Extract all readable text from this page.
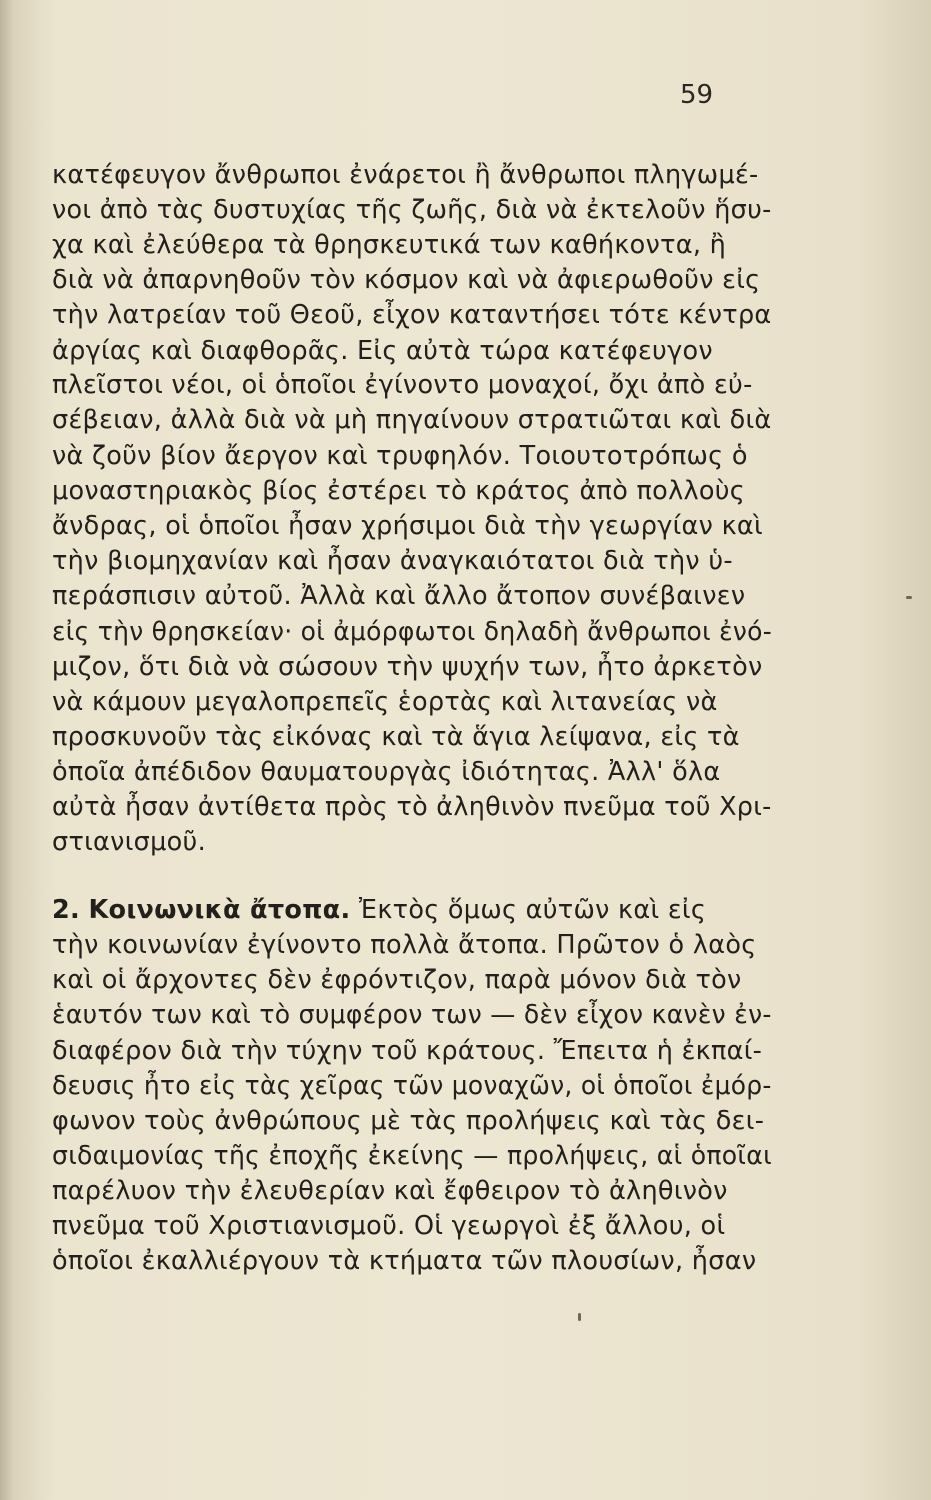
59
κατέφευγον ἄνθρωποι ἐνάρετοι ἢ ἄνθρωποι πληγωμέ-
νοι ἀπὸ τὰς δυστυχίας τῆς ζωῆς, διὰ νὰ ἐκτελοῦν ἥσυ-
χα καὶ ἐλεύθερα τὰ θρησκευτικά των καθήκοντα, ἢ
διὰ νὰ ἀπαρνηθοῦν τὸν κόσμον καὶ νὰ ἀφιερωθοῦν εἰς
τὴν λατρείαν τοῦ Θεοῦ, εἶχον καταντήσει τότε κέντρα
ἀργίας καὶ διαφθορᾶς. Εἰς αὐτὰ τώρα κατέφευγον
πλεῖστοι νέοι, οἱ ὁποῖοι ἐγίνοντο μοναχοί, ὄχι ἀπὸ εὐ-
σέβειαν, ἀλλὰ διὰ νὰ μὴ πηγαίνουν στρατιῶται καὶ διὰ
νὰ ζοῦν βίον ἄεργον καὶ τρυφηλόν. Τοιουτοτρόπως ὁ
μοναστηριακὸς βίος ἐστέρει τὸ κράτος ἀπὸ πολλοὺς
ἄνδρας, οἱ ὁποῖοι ἦσαν χρήσιμοι διὰ τὴν γεωργίαν καὶ
τὴν βιομηχανίαν καὶ ἦσαν ἀναγκαιότατοι διὰ τὴν ὑ-
περάσπισιν αὐτοῦ. Ἀλλὰ καὶ ἄλλο ἄτοπον συνέβαινεν
εἰς τὴν θρησκείαν· οἱ ἀμόρφωτοι δηλαδὴ ἄνθρωποι ἐνό-
μιζον, ὅτι διὰ νὰ σώσουν τὴν ψυχήν των, ἦτο ἀρκετὸν
νὰ κάμουν μεγαλοπρεπεῖς ἑορτὰς καὶ λιτανείας νὰ
προσκυνοῦν τὰς εἰκόνας καὶ τὰ ἅγια λείψανα, εἰς τὰ
ὁποῖα ἀπέδιδον θαυματουργὰς ἰδιότητας. Ἀλλ' ὅλα
αὐτὰ ἦσαν ἀντίθετα πρὸς τὸ ἀληθινὸν πνεῦμα τοῦ Χρι-
στιανισμοῦ.
2. Κοινωνικὰ ἄτοπα. Ἐκτὸς ὅμως αὐτῶν καὶ εἰς
τὴν κοινωνίαν ἐγίνοντο πολλὰ ἄτοπα. Πρῶτον ὁ λαὸς
καὶ οἱ ἄρχοντες δὲν ἐφρόντιζον, παρὰ μόνον διὰ τὸν
ἑαυτόν των καὶ τὸ συμφέρον των — δὲν εἶχον κανὲν ἐν-
διαφέρον διὰ τὴν τύχην τοῦ κράτους. Ἔπειτα ἡ ἐκπαί-
δευσις ἦτο εἰς τὰς χεῖρας τῶν μοναχῶν, οἱ ὁποῖοι ἐμόρ-
φωνον τοὺς ἀνθρώπους μὲ τὰς προλήψεις καὶ τὰς δει-
σιδαιμονίας τῆς ἐποχῆς ἐκείνης — προλήψεις, αἱ ὁποῖαι
παρέλυον τὴν ἐλευθερίαν καὶ ἔφθειρον τὸ ἀληθινὸν
πνεῦμα τοῦ Χριστιανισμοῦ. Οἱ γεωργοὶ ἐξ ἄλλου, οἱ
ὁποῖοι ἐκαλλιέργουν τὰ κτήματα τῶν πλουσίων, ἦσαν
